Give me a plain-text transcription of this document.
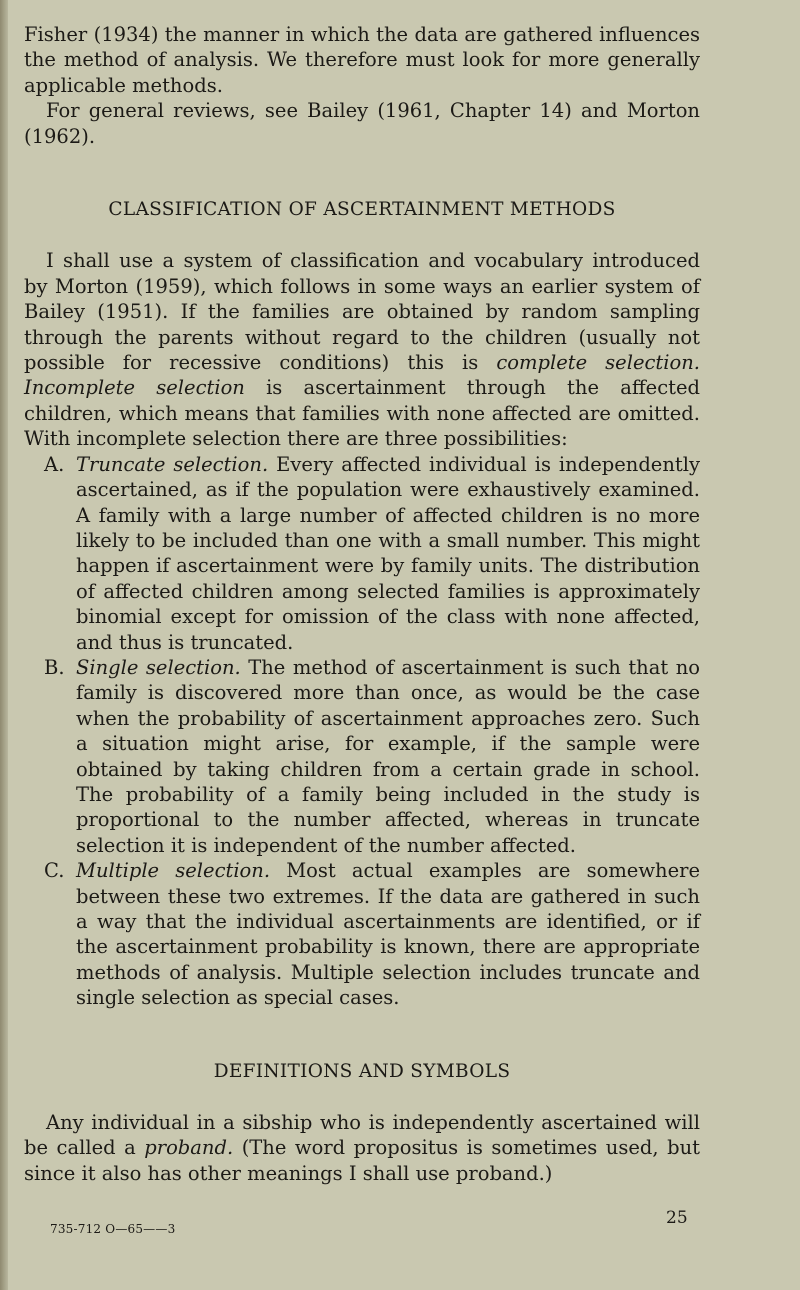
Fisher (1934) the manner in which the data are gathered influences the method of analysis. We therefore must look for more generally applicable methods.

For general reviews, see Bailey (1961, Chapter 14) and Morton (1962).

CLASSIFICATION OF ASCERTAINMENT METHODS

I shall use a system of classification and vocabulary introduced by Morton (1959), which follows in some ways an earlier system of Bailey (1951). If the families are obtained by random sampling through the parents without regard to the children (usually not possible for recessive conditions) this is complete selection. Incomplete selection is ascertainment through the affected children, which means that families with none affected are omitted. With incomplete selection there are three possibilities:

A. Truncate selection. Every affected individual is independently ascertained, as if the population were exhaustively examined. A family with a large number of affected children is no more likely to be included than one with a small number. This might happen if ascertainment were by family units. The distribution of affected children among selected families is approximately binomial except for omission of the class with none affected, and thus is truncated.
B. Single selection. The method of ascertainment is such that no family is discovered more than once, as would be the case when the probability of ascertainment approaches zero. Such a situation might arise, for example, if the sample were obtained by taking children from a certain grade in school. The probability of a family being included in the study is proportional to the number affected, whereas in truncate selection it is independent of the number affected.
C. Multiple selection. Most actual examples are somewhere between these two extremes. If the data are gathered in such a way that the individual ascertainments are identified, or if the ascertainment probability is known, there are appropriate methods of analysis. Multiple selection includes truncate and single selection as special cases.
DEFINITIONS AND SYMBOLS

Any individual in a sibship who is independently ascertained will be called a proband. (The word propositus is sometimes used, but since it also has other meanings I shall use proband.)

735-712 O—65——3
25
